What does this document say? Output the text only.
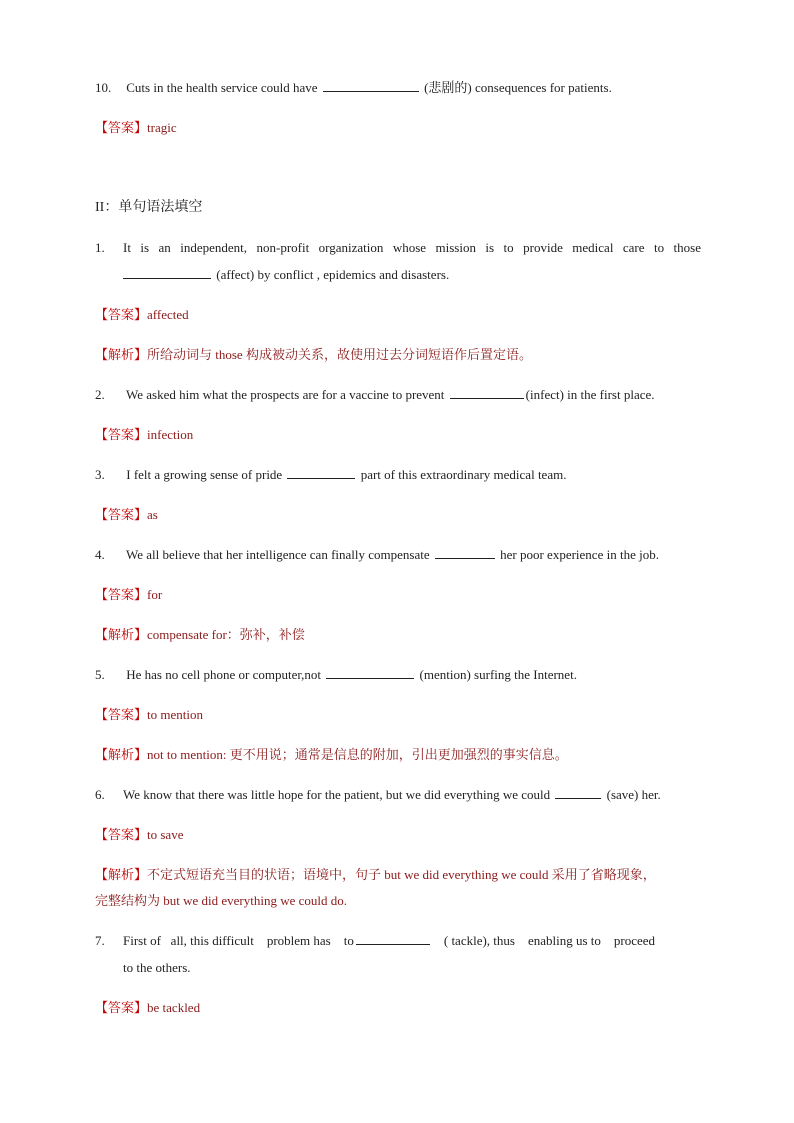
10. Cuts in the health service could have	(悲剧的) consequences for patients.
【答案】tragic
II：单句语法填空
1. It is an independent, non-profit organization whose mission is to provide medical care to those
(affect) by conflict , epidemics and disasters.
【答案】affected
【解析】所给动词与 those 构成被动关系，故使用过去分词短语作后置定语。
2. We asked him what the prospects are for a vaccine to prevent	(infect) in the first place.
【答案】infection
3. I felt a growing sense of pride	part of this extraordinary medical team.
【答案】as
4. We all believe that her intelligence can finally compensate	her poor experience in the job.
【答案】for
【解析】compensate for：弥补，补偿
5. He has no cell phone or computer,not	(mention) surfing the Internet.
【答案】to mention
【解析】not to mention: 更不用说；通常是信息的附加，引出更加强烈的事实信息。
6. We know that there was little hope for the patient, but we did everything we could	(save) her.
【答案】to save
【解析】不定式短语充当目的状语；语境中，句子 but we did everything we could 采用了省略现象，
完整结构为 but we did everything we could do.
7. First of   all, this difficult    problem has    to	( tackle), thus    enabling us to    proceed
to the others.
【答案】be tackled
